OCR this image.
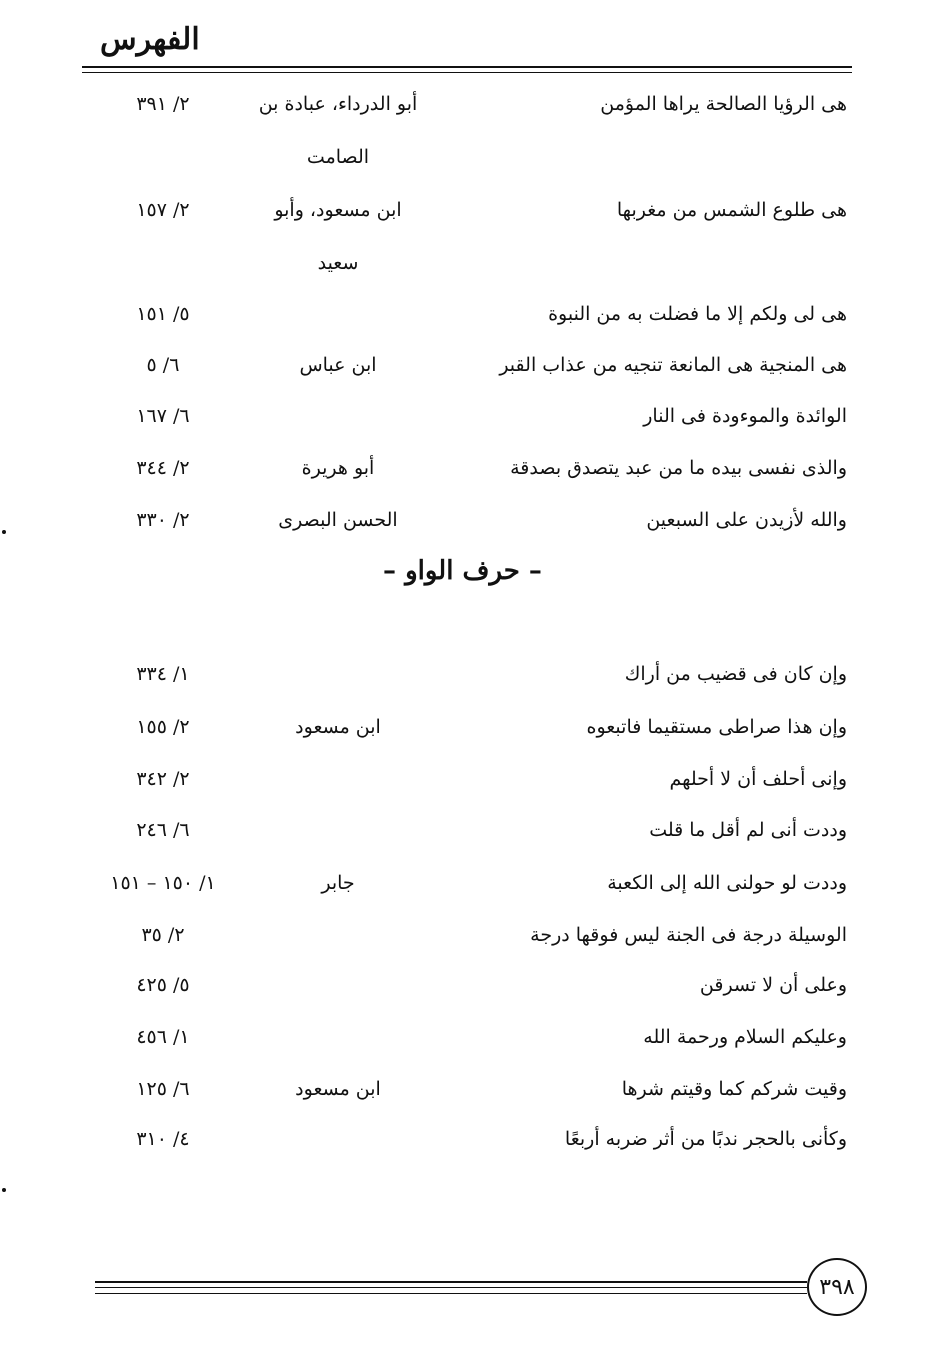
الفهرس
هى الرؤيا الصالحة يراها المؤمن
أبو الدرداء، عبادة بن
٢/ ٣٩١
الصامت
هى طلوع الشمس من مغربها
ابن مسعود، وأبو
٢/ ١٥٧
سعيد
هى لى ولكم إلا ما فضلت به من النبوة
٥/ ١٥١
هى المنجية هى المانعة تنجيه من عذاب القبر
ابن عباس
٦/ ٥
الوائدة والموءودة فى النار
٦/ ١٦٧
والذى نفسى بيده ما من عبد يتصدق بصدقة
أبو هريرة
٢/ ٣٤٤
والله لأزيدن على السبعين
الحسن البصرى
٢/ ٣٣٠
– حرف الواو –
وإن كان فى قضيب من أراك
١/ ٣٣٤
وإن هذا صراطى مستقيما فاتبعوه
ابن مسعود
٢/ ١٥٥
وإنى أحلف أن لا أحلهم
٢/ ٣٤٢
وددت أنى لم أقل ما قلت
٦/ ٢٤٦
وددت لو حولنى الله إلى الكعبة
جابر
١/ ١٥٠ – ١٥١
الوسيلة درجة فى الجنة ليس فوقها درجة
٢/ ٣٥
وعلى أن لا تسرقن
٥/ ٤٢٥
وعليكم السلام ورحمة الله
١/ ٤٥٦
وقيت شركم كما وقيتم شرها
ابن مسعود
٦/ ١٢٥
وكأنى بالحجر ندبًا من أثر ضربه أربعًا
٤/ ٣١٠
٣٩٨
